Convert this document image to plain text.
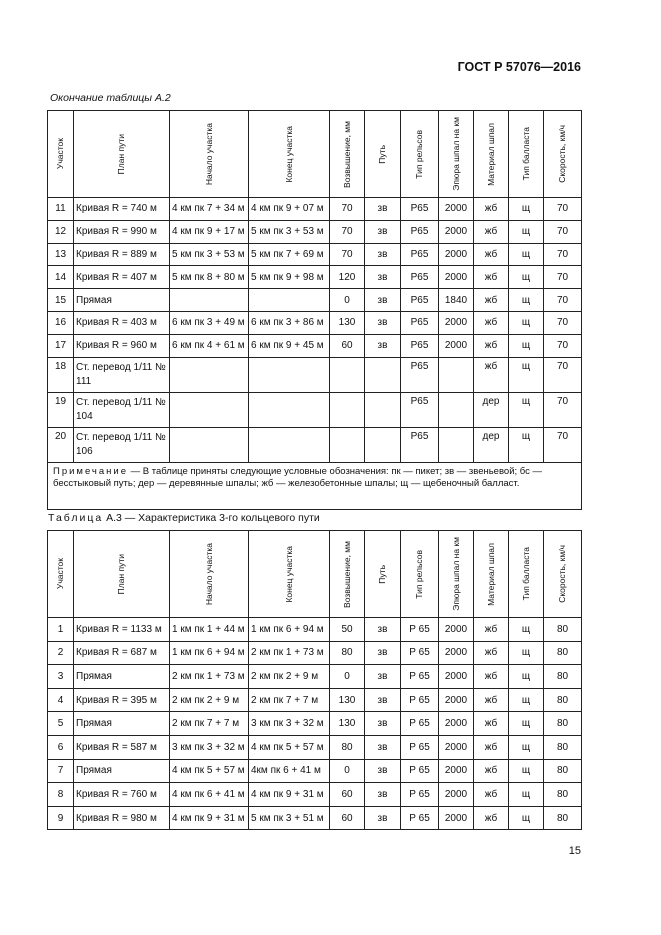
ГОСТ Р 57076—2016
Окончание таблицы А.2
Участок	План пути	Начало участка	Конец участка	Возвышение, мм	Путь	Тип рельсов	Эпюра шпал на км	Материал шпал	Тип балласта	Скорость, км/ч

11	Кривая R = 740 м	4 км пк 7 + 34 м	4 км пк 9 + 07 м	70	зв	Р65	2000	жб	щ	70
12	Кривая R = 990 м	4 км пк 9 + 17 м	5 км пк 3 + 53 м	70	зв	Р65	2000	жб	щ	70
13	Кривая R = 889 м	5 км пк 3 + 53 м	5 км пк 7 + 69 м	70	зв	Р65	2000	жб	щ	70
14	Кривая R = 407 м	5 км пк 8 + 80 м	5 км пк 9 + 98 м	120	зв	Р65	2000	жб	щ	70
15	Прямая			0	зв	Р65	1840	жб	щ	70
16	Кривая R = 403 м	6 км пк 3 + 49 м	6 км пк 3 + 86 м	130	зв	Р65	2000	жб	щ	70
17	Кривая R = 960 м	6 км пк 4 + 61 м	6 км пк 9 + 45 м	60	зв	Р65	2000	жб	щ	70
18	Ст. перевод 1/11 № 111					Р65		жб	щ	70
19	Ст. перевод 1/11 № 104					Р65		дер	щ	70
20	Ст. перевод 1/11 № 106					Р65		дер	щ	70
Примечание — В таблице приняты следующие условные обозначения: пк — пикет; зв — звеньевой; бс — бесстыковый путь; дер — деревянные шпалы; жб — железобетонные шпалы; щ — щебеночный балласт.										
Таблица А.3 — Характеристика 3-го кольцевого пути
Участок	План пути	Начало участка	Конец участка	Возвышение, мм	Путь	Тип рельсов	Эпюра шпал на км	Материал шпал	Тип балласта	Скорость, км/ч

1	Кривая R = 1133 м	1 км пк 1 + 44 м	1 км пк 6 + 94 м	50	зв	Р 65	2000	жб	щ	80
2	Кривая R = 687 м	1 км пк 6 + 94 м	2 км пк 1 + 73 м	80	зв	Р 65	2000	жб	щ	80
3	Прямая	2 км пк 1 + 73 м	2 км пк 2 + 9 м	0	зв	Р 65	2000	жб	щ	80
4	Кривая R = 395 м	2 км пк 2 + 9 м	2 км пк 7 + 7 м	130	зв	Р 65	2000	жб	щ	80
5	Прямая	2 км пк 7 + 7 м	3 км пк 3 + 32 м	130	зв	Р 65	2000	жб	щ	80
6	Кривая R = 587 м	3 км пк 3 + 32 м	4 км пк 5 + 57 м	80	зв	Р 65	2000	жб	щ	80
7	Прямая	4 км пк 5 + 57 м	4км пк 6 + 41 м	0	зв	Р 65	2000	жб	щ	80
8	Кривая R = 760 м	4 км пк 6 + 41 м	4 км пк 9 + 31 м	60	зв	Р 65	2000	жб	щ	80
9	Кривая R = 980 м	4 км пк 9 + 31 м	5 км пк 3 + 51 м	60	зв	Р 65	2000	жб	щ	80
15
